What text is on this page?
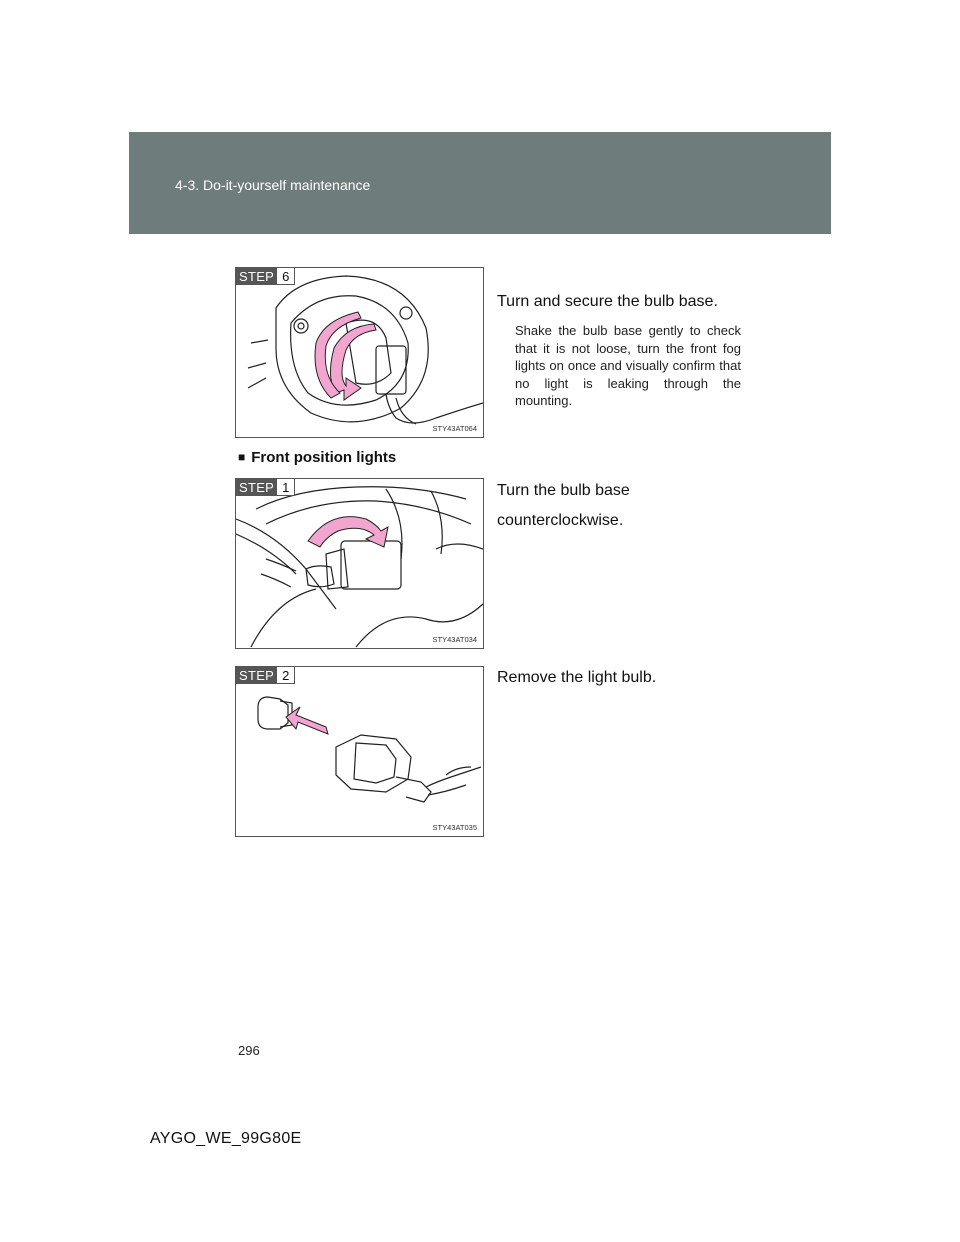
4-3. Do-it-yourself maintenance
STEP 6
STY43AT064
Turn and secure the bulb base.
Shake the bulb base gently to check that it is not loose, turn the front fog lights on once and visually confirm that no light is leaking through the mounting.
■ Front position lights
STEP 1
STY43AT034
Turn the bulb base counterclockwise.
STEP 2
STY43AT035
Remove the light bulb.
296
AYGO_WE_99G80E
